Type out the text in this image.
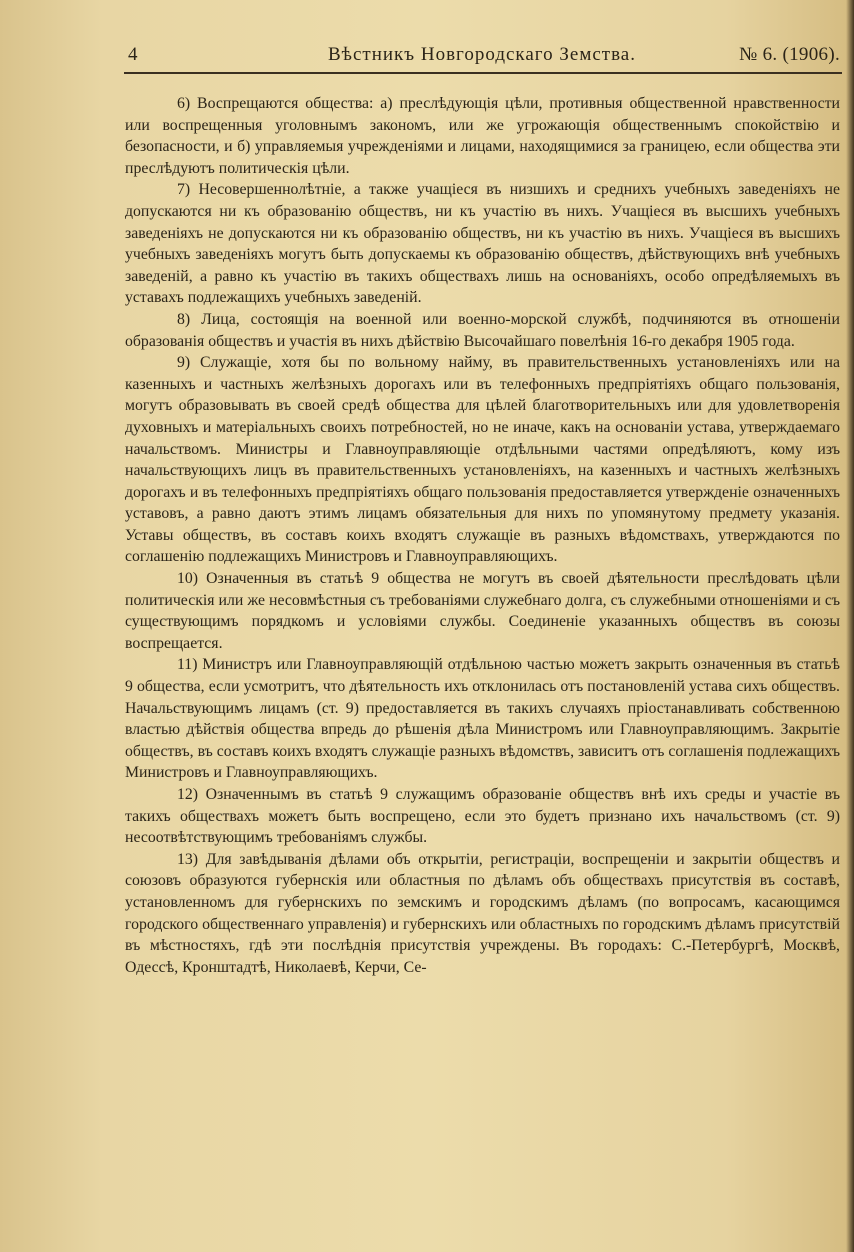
4	Вѣстникъ Новгородскаго Земства.	№ 6. (1906).

6) Воспрещаются общества: а) преслѣдующія цѣли, противныя общественной нравственности или воспрещенныя уголовнымъ закономъ, или же угрожающія общественнымъ спокойствію и безопасности, и б) управляемыя учрежденіями и лицами, находящимися за границею, если общества эти преслѣдуютъ политическія цѣли.

7) Несовершеннолѣтніе, а также учащіеся въ низшихъ и среднихъ учебныхъ заведеніяхъ не допускаются ни къ образованію обществъ, ни къ участію въ нихъ. Учащіеся въ высшихъ учебныхъ заведеніяхъ не допускаются ни къ образованію обществъ, ни къ участію въ нихъ. Учащіеся въ высшихъ учебныхъ заведеніяхъ могутъ быть допускаемы къ образованію обществъ, дѣйствующихъ внѣ учебныхъ заведеній, а равно къ участію въ такихъ обществахъ лишь на основаніяхъ, особо опредѣляемыхъ въ уставахъ подлежащихъ учебныхъ заведеній.

8) Лица, состоящія на военной или военно-морской службѣ, подчиняются въ отношеніи образованія обществъ и участія въ нихъ дѣйствію Высочайшаго повелѣнія 16-го декабря 1905 года.

9) Служащіе, хотя бы по вольному найму, въ правительственныхъ установленіяхъ или на казенныхъ и частныхъ желѣзныхъ дорогахъ или въ телефонныхъ предпріятіяхъ общаго пользованія, могутъ образовывать въ своей средѣ общества для цѣлей благотворительныхъ или для удовлетворенія духовныхъ и матеріальныхъ своихъ потребностей, но не иначе, какъ на основаніи устава, утверждаемаго начальствомъ. Министры и Главноуправляющіе отдѣльными частями опредѣляютъ, кому изъ начальствующихъ лицъ въ правительственныхъ установленіяхъ, на казенныхъ и частныхъ желѣзныхъ дорогахъ и въ телефонныхъ предпріятіяхъ общаго пользованія предоставляется утвержденіе означенныхъ уставовъ, а равно даютъ этимъ лицамъ обязательныя для нихъ по упомянутому предмету указанія. Уставы обществъ, въ составъ коихъ входятъ служащіе въ разныхъ вѣдомствахъ, утверждаются по соглашенію подлежащихъ Министровъ и Главноуправляющихъ.

10) Означенныя въ статьѣ 9 общества не могутъ въ своей дѣятельности преслѣдовать цѣли политическія или же несовмѣстныя съ требованіями служебнаго долга, съ служебными отношеніями и съ существующимъ порядкомъ и условіями службы. Соединеніе указанныхъ обществъ въ союзы воспрещается.

11) Министръ или Главноуправляющій отдѣльною частью можетъ закрыть означенныя въ статьѣ 9 общества, если усмотритъ, что дѣятельность ихъ отклонилась отъ постановленій устава сихъ обществъ. Начальствующимъ лицамъ (ст. 9) предоставляется въ такихъ случаяхъ пріостанавливать собственною властью дѣйствія общества впредь до рѣшенія дѣла Министромъ или Главноуправляющимъ. Закрытіе обществъ, въ составъ коихъ входятъ служащіе разныхъ вѣдомствъ, зависитъ отъ соглашенія подлежащихъ Министровъ и Главноуправляющихъ.

12) Означеннымъ въ статьѣ 9 служащимъ образованіе обществъ внѣ ихъ среды и участіе въ такихъ обществахъ можетъ быть воспрещено, если это будетъ признано ихъ начальствомъ (ст. 9) несоотвѣтствующимъ требованіямъ службы.

13) Для завѣдыванія дѣлами объ открытіи, регистраціи, воспрещеніи и закрытіи обществъ и союзовъ образуются губернскія или областныя по дѣламъ объ обществахъ присутствія въ составѣ, установленномъ для губернскихъ по земскимъ и городскимъ дѣламъ (по вопросамъ, касающимся городского общественнаго управленія) и губернскихъ или областныхъ по городскимъ дѣламъ присутствій въ мѣстностяхъ, гдѣ эти послѣднія присутствія учреждены. Въ городахъ: С.-Петербургѣ, Москвѣ, Одессѣ, Кронштадтѣ, Николаевѣ, Керчи, Се-
